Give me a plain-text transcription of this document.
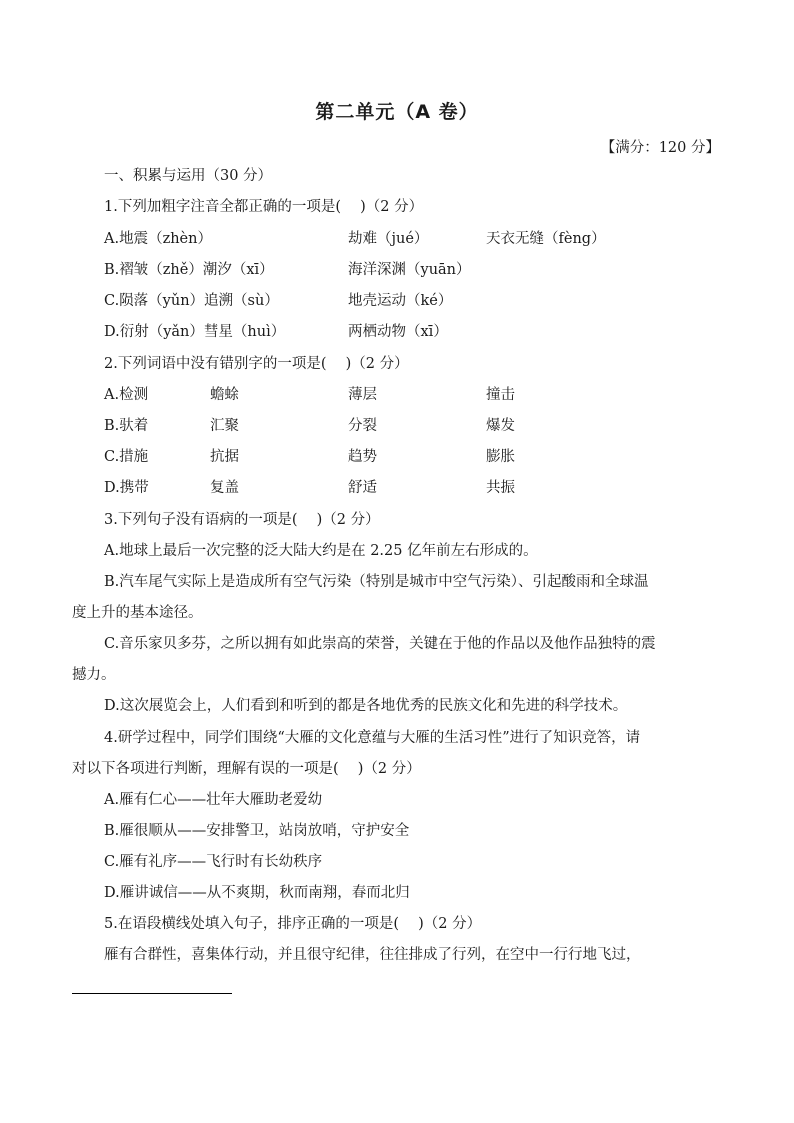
第二单元（A 卷）
【满分：120 分】
一、积累与运用（30 分）
1.下列加粗字注音全都正确的一项是(　 )（2 分）
A.地震（zhèn）	劫难（jué）	天衣无缝（fèng）
B.褶皱（zhě）潮汐（xī）	海洋深渊（yuān）
C.陨落（yǔn）追溯（sù）	地壳运动（ké）
D.衍射（yǎn）彗星（huì）	两栖动物（xī）
2.下列词语中没有错别字的一项是(　 )（2 分）
A.检测	蟾蜍	薄层	撞击
B.驮着	汇聚	分裂	爆发
C.措施	抗据	趋势	膨胀
D.携带	复盖	舒适	共振
3.下列句子没有语病的一项是(　 )（2 分）
A.地球上最后一次完整的泛大陆大约是在 2.25 亿年前左右形成的。
B.汽车尾气实际上是造成所有空气污染（特别是城市中空气污染）、引起酸雨和全球温
度上升的基本途径。
C.音乐家贝多芬，之所以拥有如此崇高的荣誉，关键在于他的作品以及他作品独特的震
撼力。
D.这次展览会上，人们看到和听到的都是各地优秀的民族文化和先进的科学技术。
4.研学过程中，同学们围绕“大雁的文化意蕴与大雁的生活习性”进行了知识竞答，请
对以下各项进行判断，理解有误的一项是(　 )（2 分）
A.雁有仁心——壮年大雁助老爱幼
B.雁很顺从——安排警卫，站岗放哨，守护安全
C.雁有礼序——飞行时有长幼秩序
D.雁讲诚信——从不爽期，秋而南翔，春而北归
5.在语段横线处填入句子，排序正确的一项是(　 )（2 分）
雁有合群性，喜集体行动，并且很守纪律，往往排成了行列，在空中一行行地飞过，
